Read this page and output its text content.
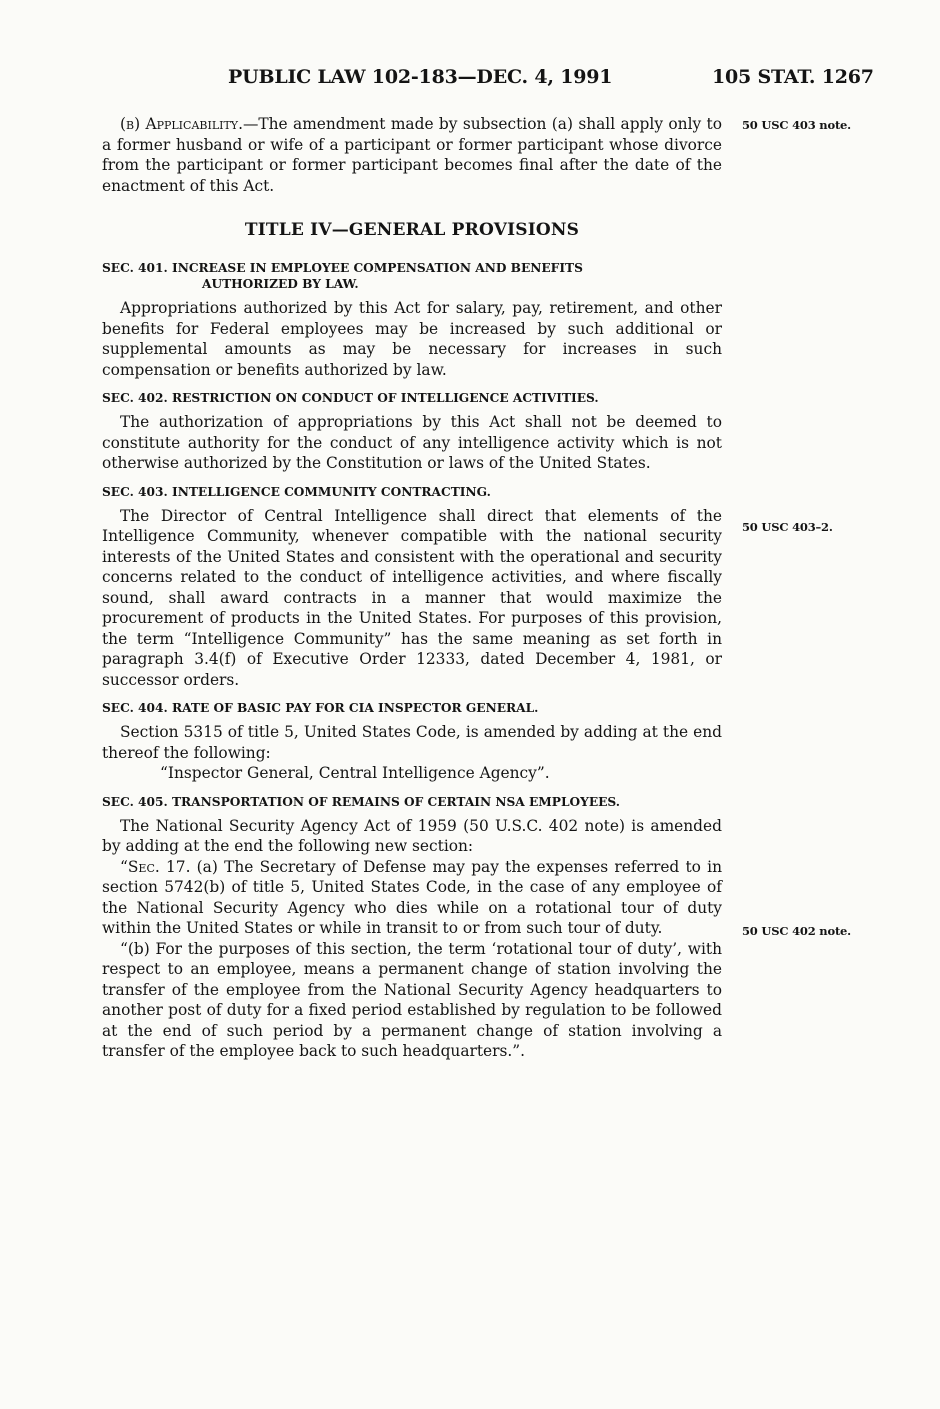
PUBLIC LAW 102-183—DEC. 4, 1991	105 STAT. 1267

(b) Applicability.—The amendment made by subsection (a) shall apply only to a former husband or wife of a participant or former participant whose divorce from the participant or former participant becomes final after the date of the enactment of this Act.

TITLE IV—GENERAL PROVISIONS
SEC. 401. INCREASE IN EMPLOYEE COMPENSATION AND BENEFITS
AUTHORIZED BY LAW.

Appropriations authorized by this Act for salary, pay, retirement, and other benefits for Federal employees may be increased by such additional or supplemental amounts as may be necessary for increases in such compensation or benefits authorized by law.

SEC. 402. RESTRICTION ON CONDUCT OF INTELLIGENCE ACTIVITIES.

The authorization of appropriations by this Act shall not be deemed to constitute authority for the conduct of any intelligence activity which is not otherwise authorized by the Constitution or laws of the United States.

SEC. 403. INTELLIGENCE COMMUNITY CONTRACTING.

The Director of Central Intelligence shall direct that elements of the Intelligence Community, whenever compatible with the national security interests of the United States and consistent with the operational and security concerns related to the conduct of intelligence activities, and where fiscally sound, shall award contracts in a manner that would maximize the procurement of products in the United States. For purposes of this provision, the term “Intelligence Community” has the same meaning as set forth in paragraph 3.4(f) of Executive Order 12333, dated December 4, 1981, or successor orders.

SEC. 404. RATE OF BASIC PAY FOR CIA INSPECTOR GENERAL.

Section 5315 of title 5, United States Code, is amended by adding at the end thereof the following:

“Inspector General, Central Intelligence Agency”.

SEC. 405. TRANSPORTATION OF REMAINS OF CERTAIN NSA EMPLOYEES.

The National Security Agency Act of 1959 (50 U.S.C. 402 note) is amended by adding at the end the following new section:

“Sec. 17. (a) The Secretary of Defense may pay the expenses referred to in section 5742(b) of title 5, United States Code, in the case of any employee of the National Security Agency who dies while on a rotational tour of duty within the United States or while in transit to or from such tour of duty.

“(b) For the purposes of this section, the term ‘rotational tour of duty’, with respect to an employee, means a permanent change of station involving the transfer of the employee from the National Security Agency headquarters to another post of duty for a fixed period established by regulation to be followed at the end of such period by a permanent change of station involving a transfer of the employee back to such headquarters.”.

50 USC 403 note.
50 USC 403–2.
50 USC 402 note.
